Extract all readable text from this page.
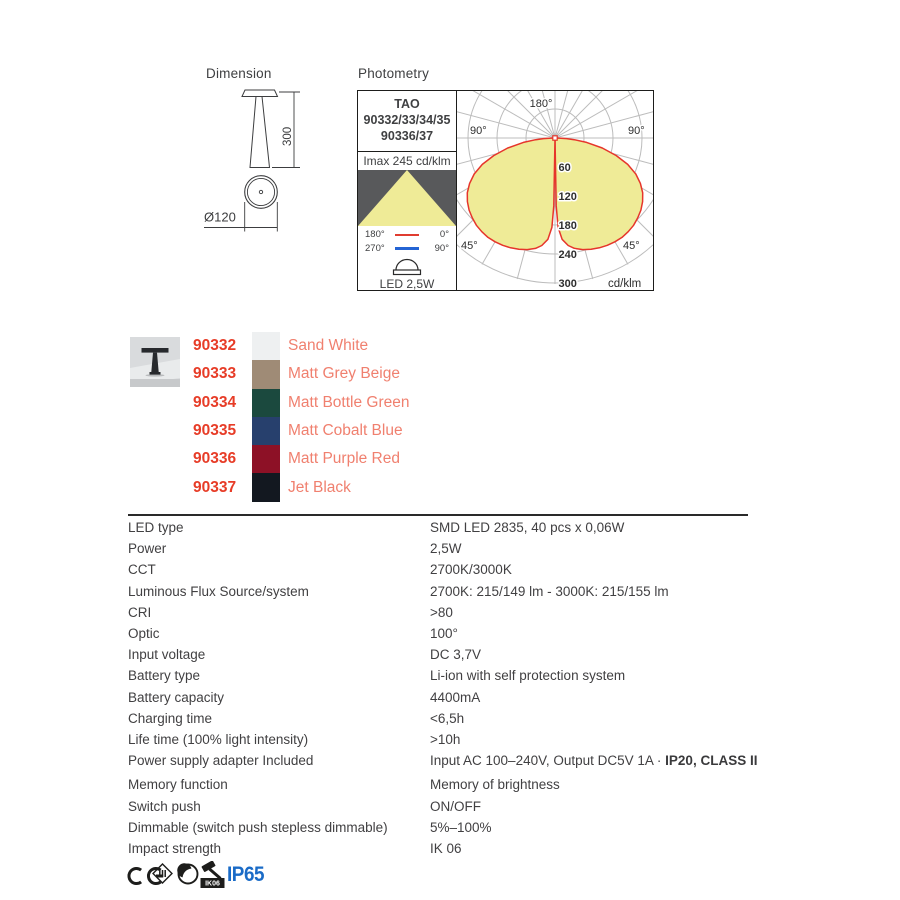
Dimension	Photometry
300
Ø120
TAO
90332/33/34/35
90336/37
Imax 245 cd/klm
180°	0°
270°	90°
LED 2,5W
60
120
180
240
300
180°
90°	90°
45°	45°
cd/klm
90332	Sand White
90333	Matt Grey Beige
90334	Matt Bottle Green
90335	Matt Cobalt Blue
90336	Matt Purple Red
90337	Jet Black
LED type	SMD LED 2835, 40 pcs x 0,06W
Power	2,5W
CCT	2700K/3000K
Luminous Flux Source/system	2700K: 215/149 lm - 3000K: 215/155 lm
CRI	>80
Optic	100°
Input voltage	DC 3,7V
Battery type	Li-ion with self protection system
Battery capacity	4400mA
Charging time	<6,5h
Life time (100% light intensity)	>10h
Power supply adapter Included	Input AC 100–240V, Output DC5V 1A · IP20, CLASS II
Memory function	Memory of brightness
Switch push	ON/OFF
Dimmable (switch push stepless dimmable)	5%–100%
Impact strength	IK 06
IK06 IP65
